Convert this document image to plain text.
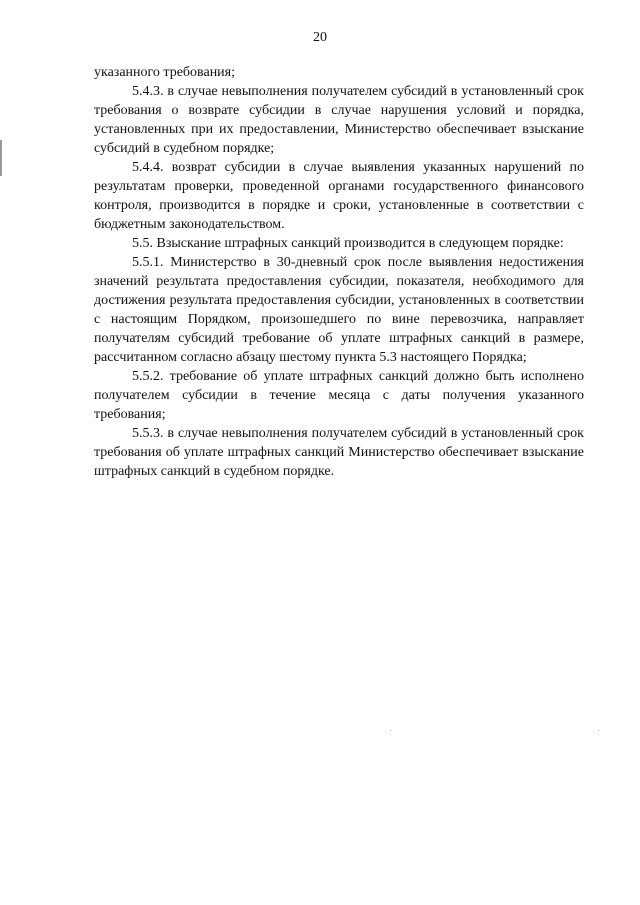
20

указанного требования;

5.4.3. в случае невыполнения получателем субсидий в установленный срок требования о возврате субсидии в случае нарушения условий и порядка, установленных при их предоставлении, Министерство обеспечивает взыскание субсидий в судебном порядке;

5.4.4. возврат субсидии в случае выявления указанных нарушений по результатам проверки, проведенной органами государственного финансового контроля, производится в порядке и сроки, установленные в соответствии с бюджетным законодательством.

5.5. Взыскание штрафных санкций производится в следующем порядке:

5.5.1. Министерство в 30-дневный срок после выявления недостижения значений результата предоставления субсидии, показателя, необходимого для достижения результата предоставления субсидии, установленных в соответствии с настоящим Порядком, произошедшего по вине перевозчика, направляет получателям субсидий требование об уплате штрафных санкций в размере, рассчитанном согласно абзацу шестому пункта 5.3 настоящего Порядка;

5.5.2. требование об уплате штрафных санкций должно быть исполнено получателем субсидии в течение месяца с даты получения указанного требования;

5.5.3. в случае невыполнения получателем субсидий в установленный срок требования об уплате штрафных санкций Министерство обеспечивает взыскание штрафных санкций в судебном порядке.
